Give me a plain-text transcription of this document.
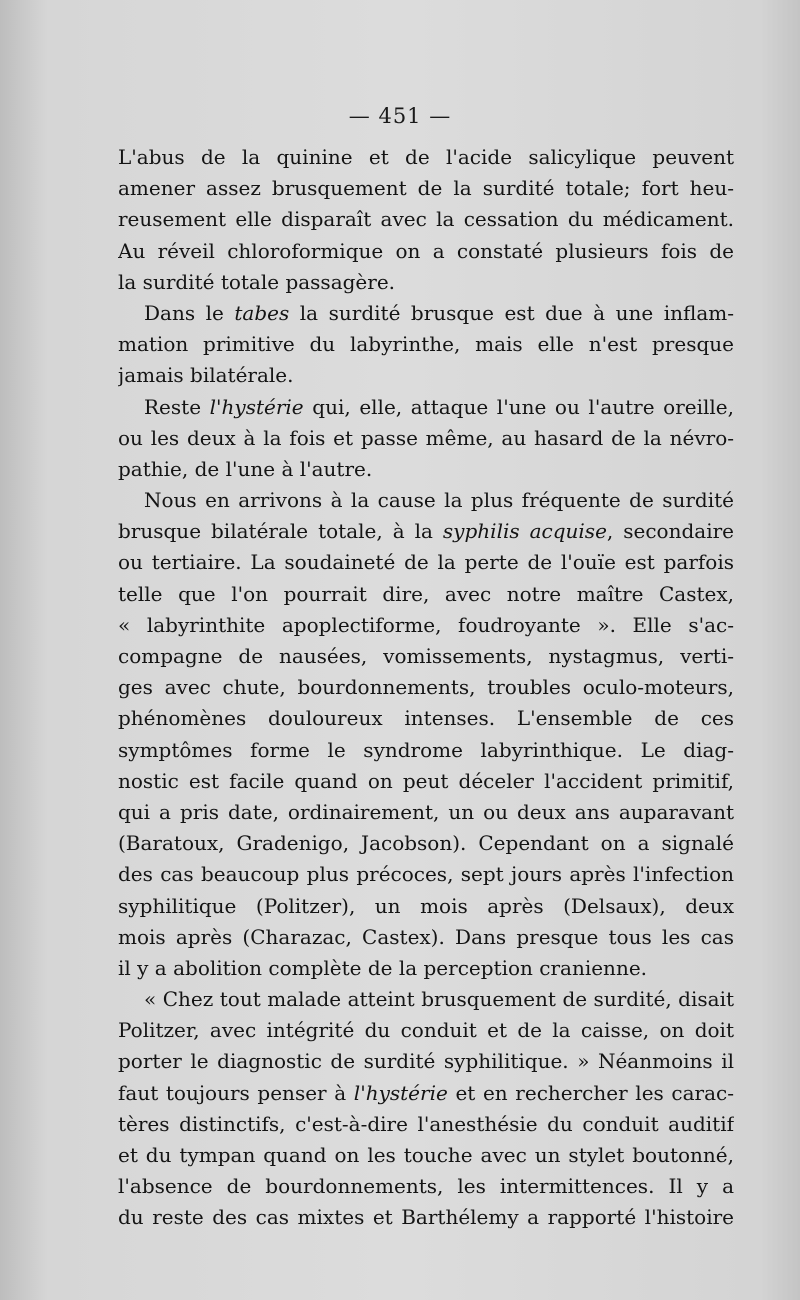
— 451 —
L'abus de la quinine et de l'acide salicylique peuvent
amener assez brusquement de la surdité totale; fort heu-
reusement elle disparaît avec la cessation du médicament.
Au réveil chloroformique on a constaté plusieurs fois de
la surdité totale passagère.
Dans le tabes la surdité brusque est due à une inflam-
mation primitive du labyrinthe, mais elle n'est presque
jamais bilatérale.
Reste l'hystérie qui, elle, attaque l'une ou l'autre oreille,
ou les deux à la fois et passe même, au hasard de la névro-
pathie, de l'une à l'autre.
Nous en arrivons à la cause la plus fréquente de surdité
brusque bilatérale totale, à la syphilis acquise, secondaire
ou tertiaire. La soudaineté de la perte de l'ouïe est parfois
telle que l'on pourrait dire, avec notre maître Castex,
« labyrinthite apoplectiforme, foudroyante ». Elle s'ac-
compagne de nausées, vomissements, nystagmus, verti-
ges avec chute, bourdonnements, troubles oculo-moteurs,
phénomènes douloureux intenses. L'ensemble de ces
symptômes forme le syndrome labyrinthique. Le diag-
nostic est facile quand on peut déceler l'accident primitif,
qui a pris date, ordinairement, un ou deux ans auparavant
(Baratoux, Gradenigo, Jacobson). Cependant on a signalé
des cas beaucoup plus précoces, sept jours après l'infection
syphilitique (Politzer), un mois après (Delsaux), deux
mois après (Charazac, Castex). Dans presque tous les cas
il y a abolition complète de la perception cranienne.
« Chez tout malade atteint brusquement de surdité, disait
Politzer, avec intégrité du conduit et de la caisse, on doit
porter le diagnostic de surdité syphilitique. » Néanmoins il
faut toujours penser à l'hystérie et en rechercher les carac-
tères distinctifs, c'est-à-dire l'anesthésie du conduit auditif
et du tympan quand on les touche avec un stylet boutonné,
l'absence de bourdonnements, les intermittences. Il y a
du reste des cas mixtes et Barthélemy a rapporté l'histoire
